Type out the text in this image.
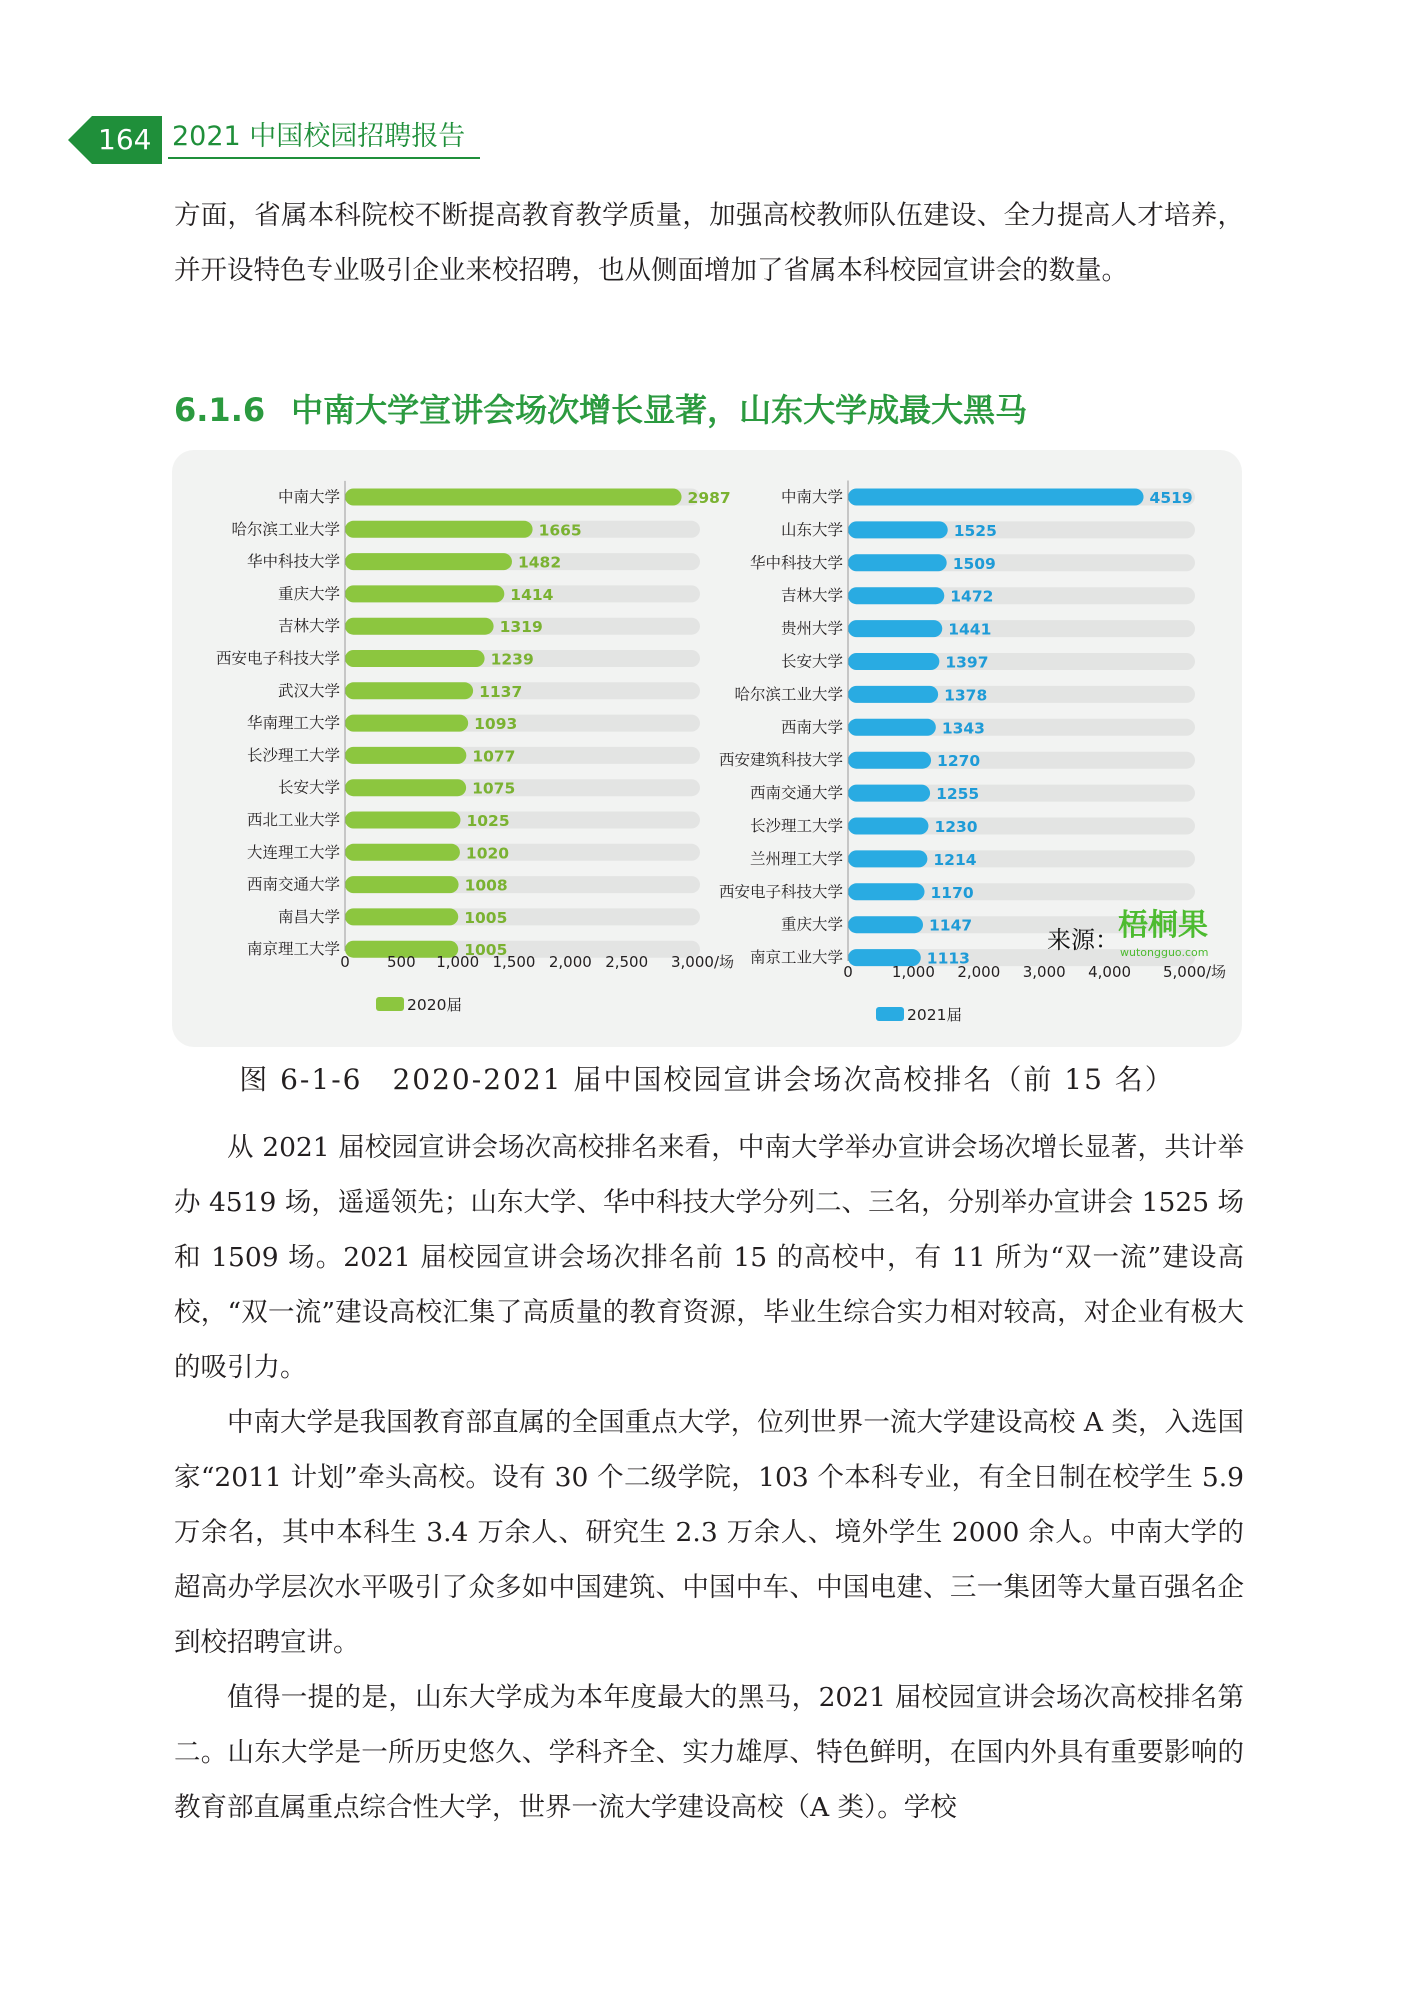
164 2021 中国校园招聘报告

方面，省属本科院校不断提高教育教学质量，加强高校教师队伍建设、全力提高人才培养，并开设特色专业吸引企业来校招聘，也从侧面增加了省属本科校园宣讲会的数量。

6.1.6 中南大学宣讲会场次增长显著，山东大学成最大黑马
中南大学	2987
哈尔滨工业大学	1665
华中科技大学	1482
重庆大学	1414
吉林大学	1319
西安电子科技大学	1239
武汉大学	1137
华南理工大学	1093
长沙理工大学	1077
长安大学	1075
西北工业大学	1025
大连理工大学	1020
西南交通大学	1008
南昌大学	1005
南京理工大学	1005
0 500 1,000 1,500 2,000 2,500 3,000/场
2020届
中南大学	4519
山东大学	1525
华中科技大学	1509
吉林大学	1472
贵州大学	1441
长安大学	1397
哈尔滨工业大学	1378
西南大学	1343
西安建筑科技大学	1270
西南交通大学	1255
长沙理工大学	1230
兰州理工大学	1214
西安电子科技大学	1170
重庆大学	1147
南京工业大学	1113
0	1,000 2,000 3,000 4,000 5,000/场
2021届
来源： 梧桐果
wutongguo.com
图 6-1-6　2020-2021 届中国校园宣讲会场次高校排名（前 15 名）

从 2021 届校园宣讲会场次高校排名来看，中南大学举办宣讲会场次增长显著，共计举办 4519 场，遥遥领先；山东大学、华中科技大学分列二、三名，分别举办宣讲会 1525 场和 1509 场。2021 届校园宣讲会场次排名前 15 的高校中，有 11 所为“双一流”建设高校，“双一流”建设高校汇集了高质量的教育资源，毕业生综合实力相对较高，对企业有极大的吸引力。

中南大学是我国教育部直属的全国重点大学，位列世界一流大学建设高校 A 类，入选国家“2011 计划”牵头高校。设有 30 个二级学院，103 个本科专业，有全日制在校学生 5.9 万余名，其中本科生 3.4 万余人、研究生 2.3 万余人、境外学生 2000 余人。中南大学的超高办学层次水平吸引了众多如中国建筑、中国中车、中国电建、三一集团等大量百强名企到校招聘宣讲。

值得一提的是，山东大学成为本年度最大的黑马，2021 届校园宣讲会场次高校排名第二。山东大学是一所历史悠久、学科齐全、实力雄厚、特色鲜明，在国内外具有重要影响的教育部直属重点综合性大学，世界一流大学建设高校（A 类）。学校
